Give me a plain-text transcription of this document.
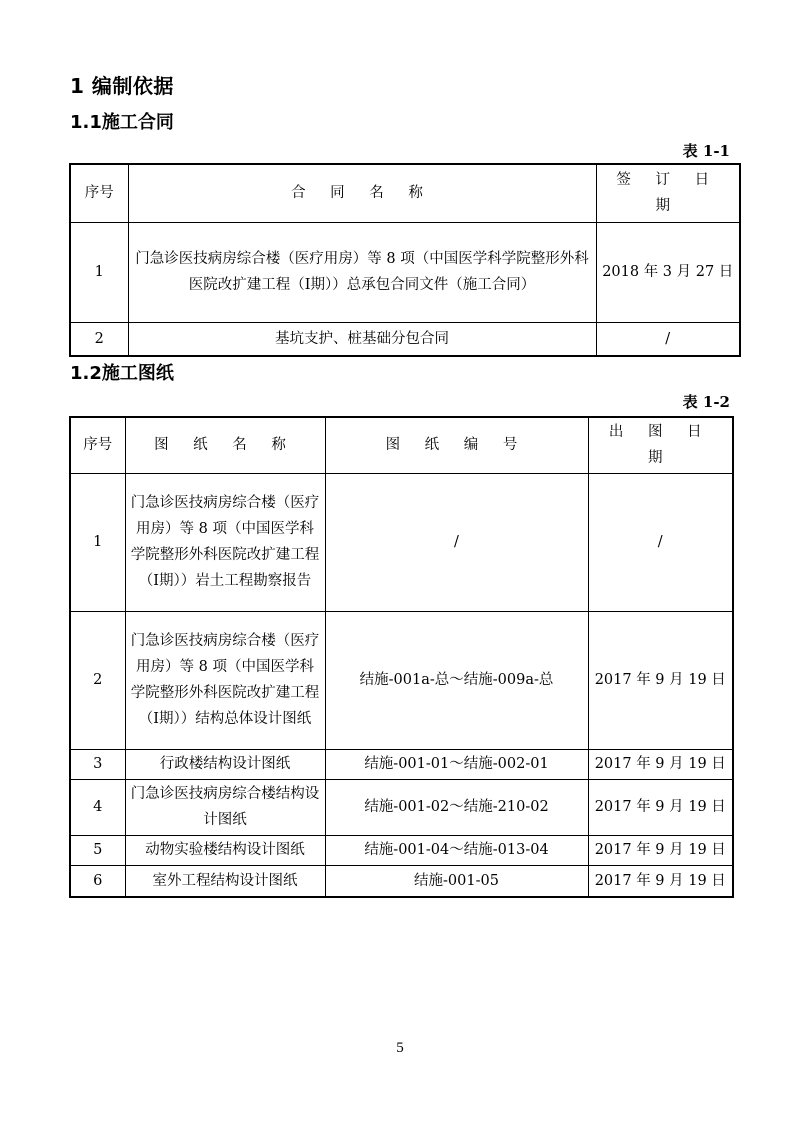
1 编制依据
1.1施工合同
表 1-1
序号	合 同 名 称	签 订 日 期
1	门急诊医技病房综合楼（医疗用房）等 8 项（中国医学科学院整形外科医院改扩建工程（Ⅰ期））总承包合同文件（施工合同）	2018 年 3 月 27 日
2	基坑支护、桩基础分包合同	/
1.2施工图纸
表 1-2
序号	图 纸 名 称	图 纸 编 号	出 图 日 期
1	门急诊医技病房综合楼（医疗用房）等 8 项（中国医学科学院整形外科医院改扩建工程（Ⅰ期））岩土工程勘察报告	/	/
2	门急诊医技病房综合楼（医疗用房）等 8 项（中国医学科学院整形外科医院改扩建工程（Ⅰ期））结构总体设计图纸	结施-001a-总～结施-009a-总	2017 年 9 月 19 日
3	行政楼结构设计图纸	结施-001-01～结施-002-01	2017 年 9 月 19 日
4	门急诊医技病房综合楼结构设计图纸	结施-001-02～结施-210-02	2017 年 9 月 19 日
5	动物实验楼结构设计图纸	结施-001-04～结施-013-04	2017 年 9 月 19 日
6	室外工程结构设计图纸	结施-001-05	2017 年 9 月 19 日
5
